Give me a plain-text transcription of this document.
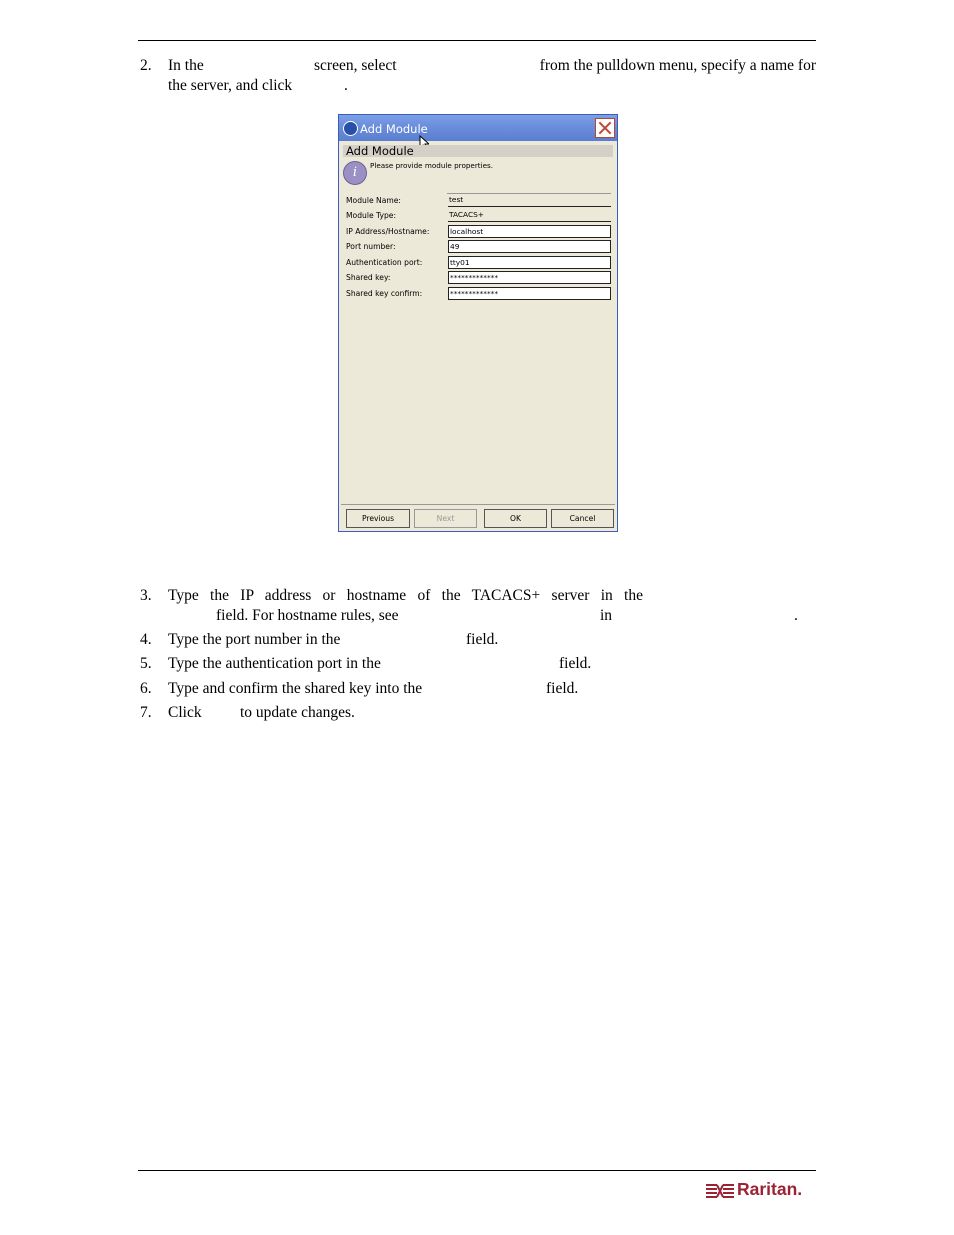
2. In the	screen, select	from the pulldown menu, specify a name for
the server, and click	.
Add Module
Add Module
i	Please provide module properties.
Module Name:	test
Module Type:	TACACS+
IP Address/Hostname:	localhost
Port number:	49
Authentication port:	tty01
Shared key:	*************
Shared key confirm:	*************
Previous	Next	OK	Cancel
3. Type the IP address or hostname of the TACACS+ server in the
field. For hostname rules, see	in	.
4. Type the port number in the	field.
5. Type the authentication port in the	field.
6. Type and confirm the shared key into the	field.
7. Click to update changes.
Raritan.
